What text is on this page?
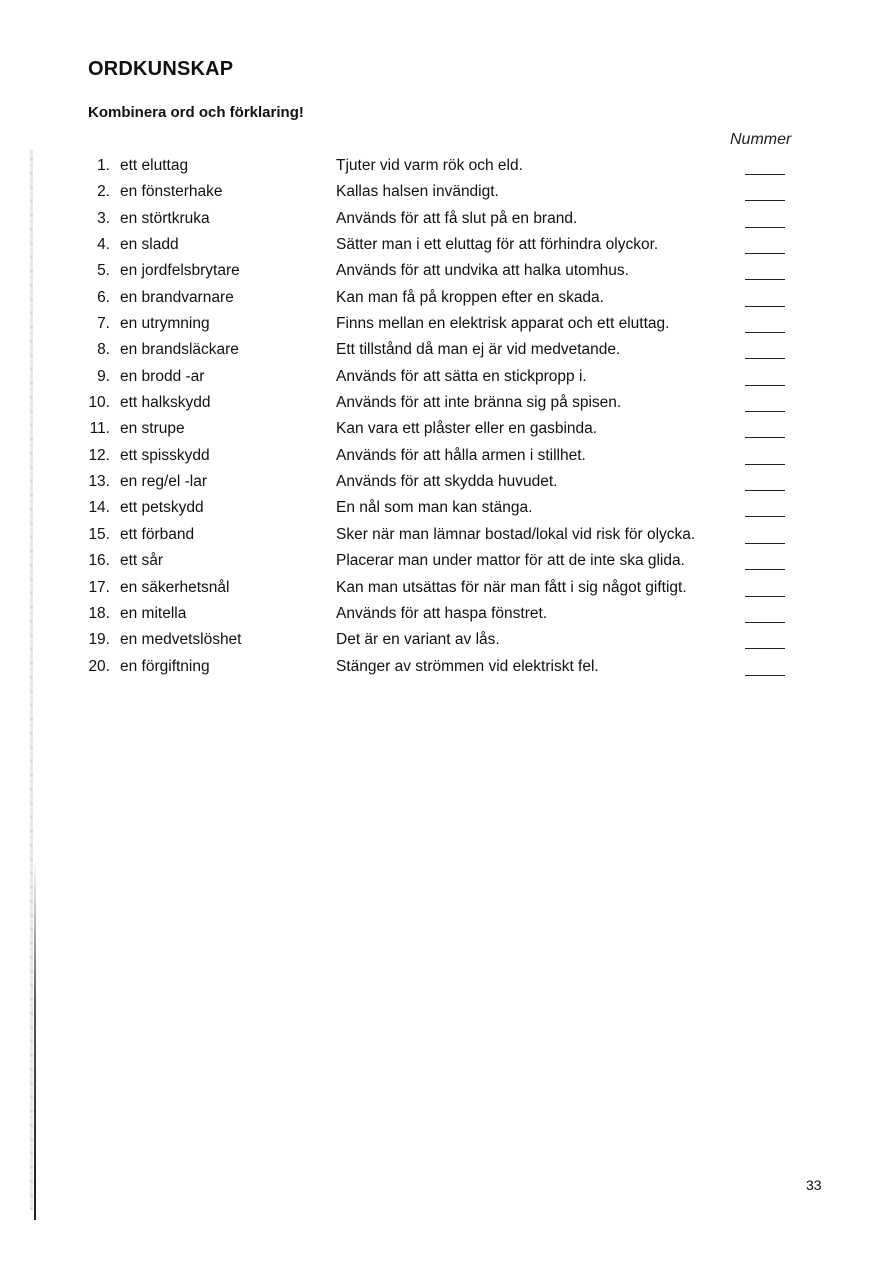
ORDKUNSKAP
Kombinera ord och förklaring!
Nummer
1. ett eluttag	Tjuter vid varm rök och eld.
2. en fönsterhake	Kallas halsen invändigt.
3. en störtkruka	Används för att få slut på en brand.
4. en sladd	Sätter man i ett eluttag för att förhindra olyckor.
5. en jordfelsbrytare	Används för att undvika att halka utomhus.
6. en brandvarnare	Kan man få på kroppen efter en skada.
7. en utrymning	Finns mellan en elektrisk apparat och ett eluttag.
8. en brandsläckare	Ett tillstånd då man ej är vid medvetande.
9. en brodd -ar	Används för att sätta en stickpropp i.
10. ett halkskydd	Används för att inte bränna sig på spisen.
11. en strupe	Kan vara ett plåster eller en gasbinda.
12. ett spisskydd	Används för att hålla armen i stillhet.
13. en reg/el -lar	Används för att skydda huvudet.
14. ett petskydd	En nål som man kan stänga.
15. ett förband	Sker när man lämnar bostad/lokal vid risk för olycka.
16. ett sår	Placerar man under mattor för att de inte ska glida.
17. en säkerhetsnål	Kan man utsättas för när man fått i sig något giftigt.
18. en mitella	Används för att haspa fönstret.
19. en medvetslöshet	Det är en variant av lås.
20. en förgiftning	Stänger av strömmen vid elektriskt fel.
33
